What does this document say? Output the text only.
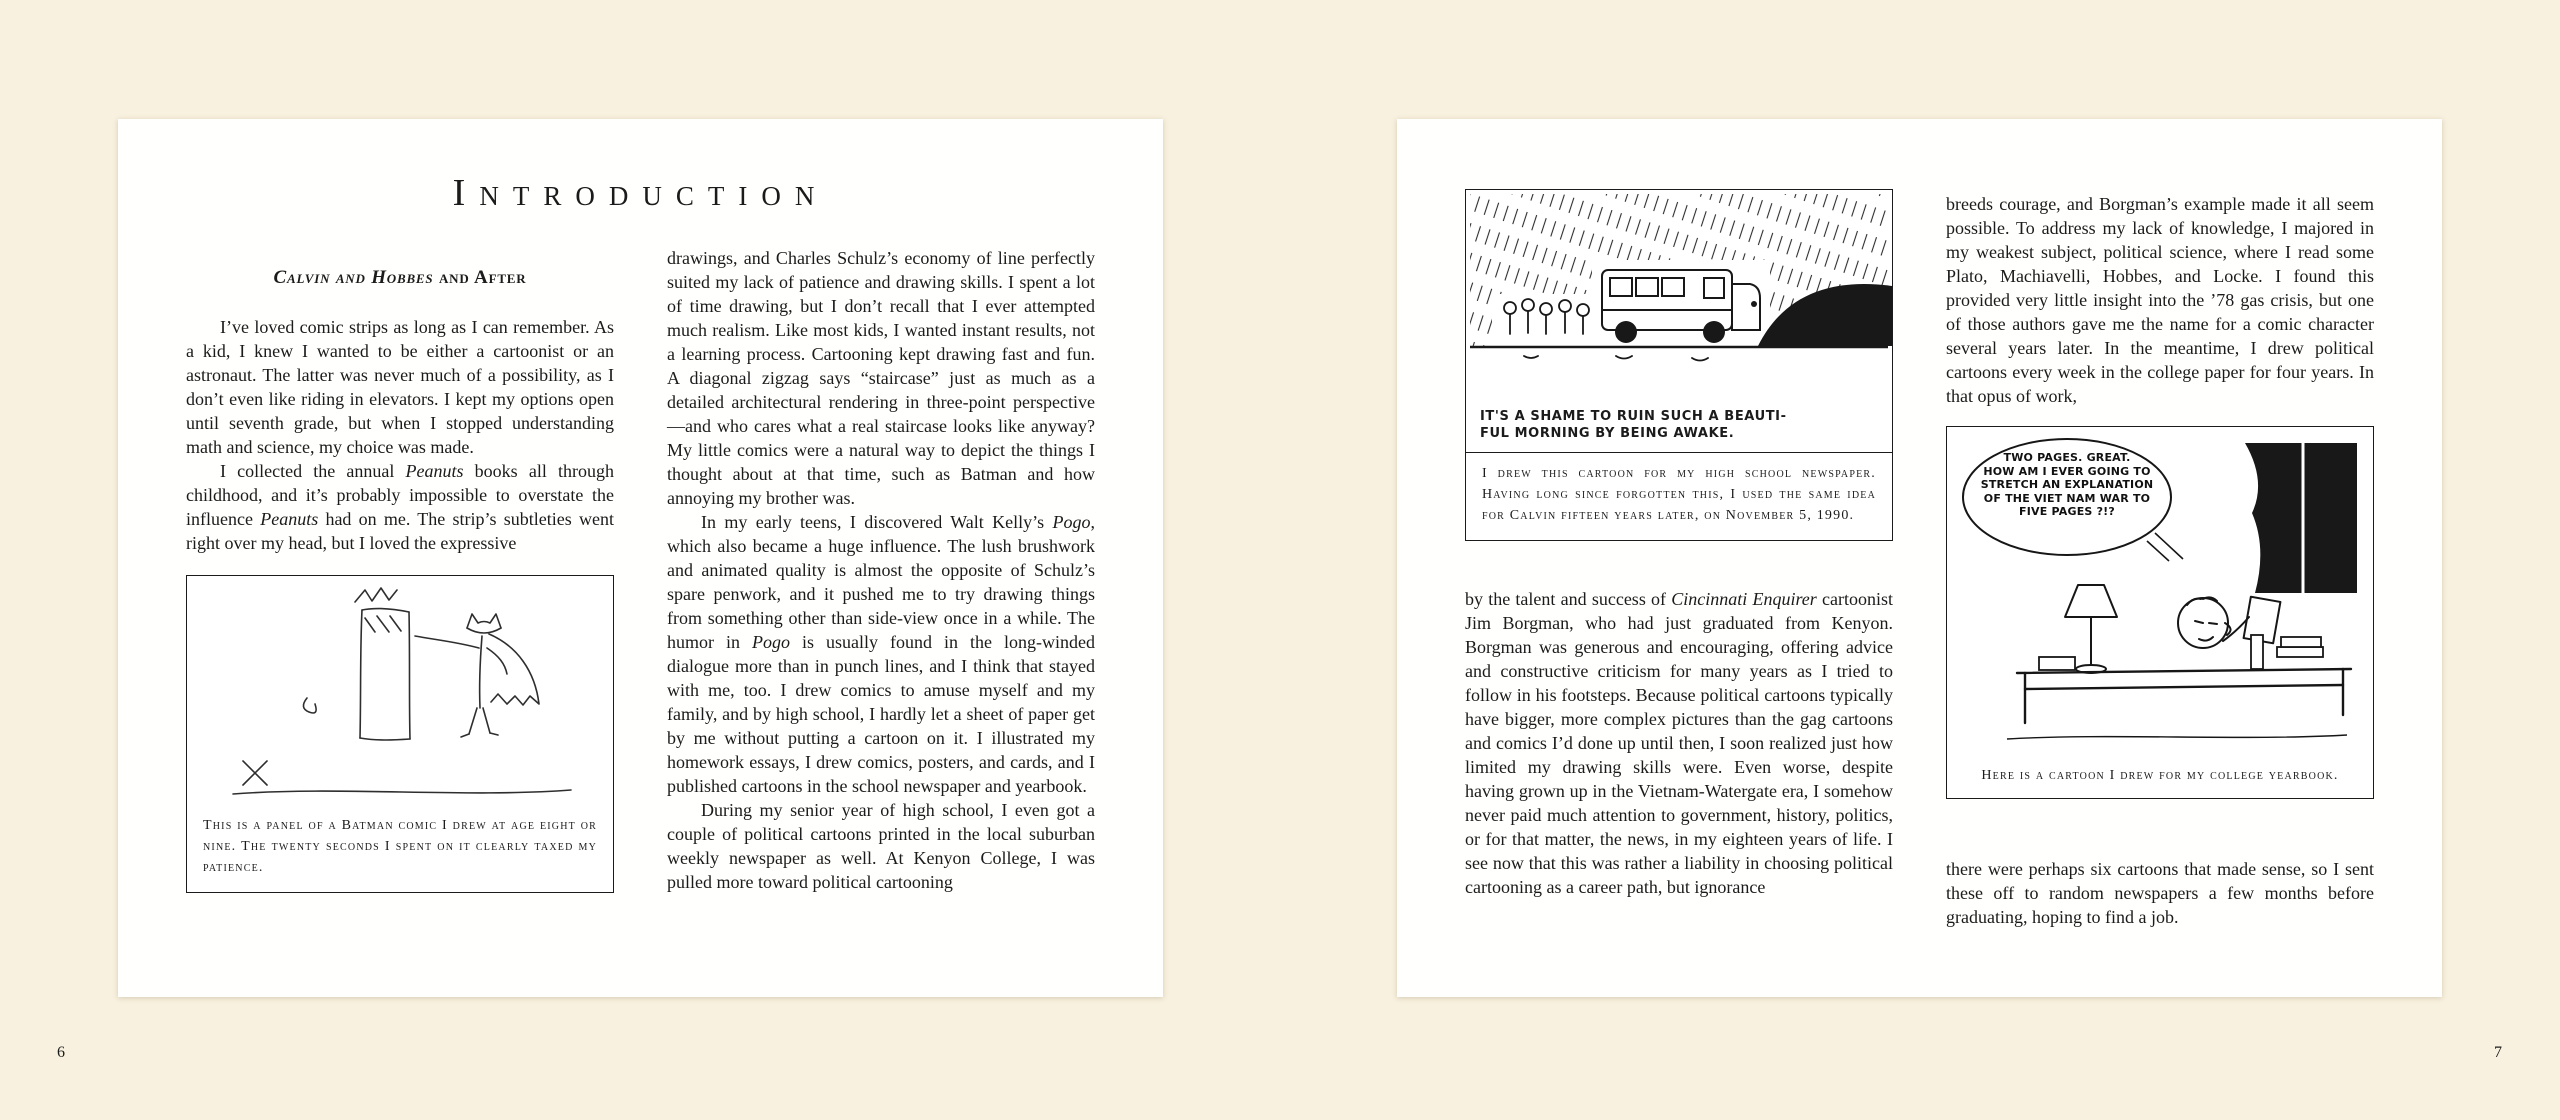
Introduction
Calvin and Hobbes and After

I’ve loved comic strips as long as I can remember. As a kid, I knew I wanted to be either a cartoonist or an astronaut. The latter was never much of a possibility, as I don’t even like riding in elevators. I kept my options open until seventh grade, but when I stopped understanding math and science, my choice was made.

I collected the annual Peanuts books all through childhood, and it’s probably impossible to overstate the influence Peanuts had on me. The strip’s subtleties went right over my head, but I loved the expressive

This is a panel of a Batman comic I drew at age eight or nine. The twenty seconds I spent on it clearly taxed my patience.

drawings, and Charles Schulz’s economy of line perfectly suited my lack of patience and drawing skills. I spent a lot of time drawing, but I don’t recall that I ever attempted much realism. Like most kids, I wanted instant results, not a learning process. Cartooning kept drawing fast and fun. A diagonal zigzag says “staircase” just as much as a detailed architectural rendering in three-point perspective—and who cares what a real staircase looks like anyway? My little comics were a natural way to depict the things I thought about at that time, such as Batman and how annoying my brother was.

In my early teens, I discovered Walt Kelly’s Pogo, which also became a huge influence. The lush brushwork and animated quality is almost the opposite of Schulz’s spare penwork, and it pushed me to try drawing things from something other than side-view once in a while. The humor in Pogo is usually found in the long-winded dialogue more than in punch lines, and I think that stayed with me, too. I drew comics to amuse myself and my family, and by high school, I hardly let a sheet of paper get by me without putting a cartoon on it. I illustrated my homework essays, I drew comics, posters, and cards, and I published cartoons in the school newspaper and yearbook.

During my senior year of high school, I even got a couple of political cartoons printed in the local suburban weekly newspaper as well. At Kenyon College, I was pulled more toward political cartooning

IT'S A SHAME TO RUIN SUCH A BEAUTI-
FUL MORNING BY BEING AWAKE.
I drew this cartoon for my high school newspaper. Having long since forgotten this, I used the same idea for Calvin fifteen years later, on November 5, 1990.

by the talent and success of Cincinnati Enquirer cartoonist Jim Borgman, who had just graduated from Kenyon. Borgman was generous and encouraging, offering advice and constructive criticism for many years as I tried to follow in his footsteps. Because political cartoons typically have bigger, more complex pictures than the gag cartoons and comics I’d done up until then, I soon realized just how limited my drawing skills were. Even worse, despite having grown up in the Vietnam-Watergate era, I somehow never paid much attention to government, history, politics, or for that matter, the news, in my eighteen years of life. I see now that this was rather a liability in choosing political cartooning as a career path, but ignorance

breeds courage, and Borgman’s example made it all seem possible. To address my lack of knowledge, I majored in my weakest subject, political science, where I read some Plato, Machiavelli, Hobbes, and Locke. I found this provided very little insight into the ’78 gas crisis, but one of those authors gave me the name for a comic character several years later. In the meantime, I drew political cartoons every week in the college paper for four years. In that opus of work,

TWO PAGES. GREAT.
HOW AM I EVER GOING TO
STRETCH AN EXPLANATION
OF THE VIET NAM WAR TO
FIVE PAGES ?!?
Here is a cartoon I drew for my college yearbook.

there were perhaps six cartoons that made sense, so I sent these off to random newspapers a few months before graduating, hoping to find a job.

6	7
